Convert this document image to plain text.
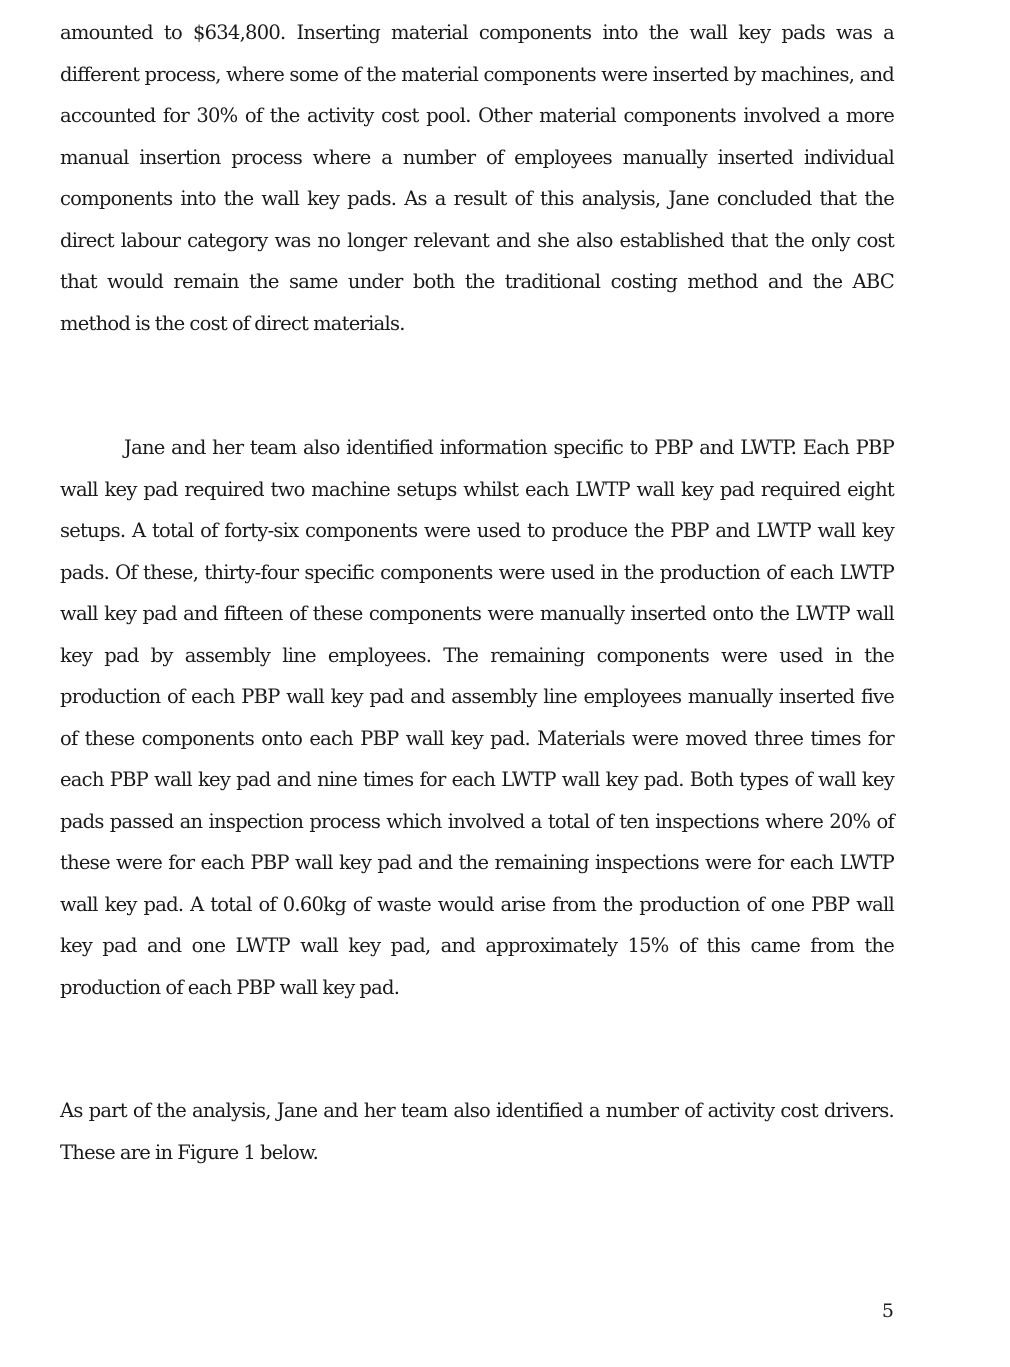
amounted to $634,800. Inserting material components into the wall key pads was a different process, where some of the material components were inserted by machines, and accounted for 30% of the activity cost pool. Other material components involved a more manual insertion process where a number of employees manually inserted individual components into the wall key pads. As a result of this analysis, Jane concluded that the direct labour category was no longer relevant and she also established that the only cost that would remain the same under both the traditional costing method and the ABC method is the cost of direct materials.

Jane and her team also identified information specific to PBP and LWTP. Each PBP wall key pad required two machine setups whilst each LWTP wall key pad required eight setups. A total of forty-six components were used to produce the PBP and LWTP wall key pads. Of these, thirty-four specific components were used in the production of each LWTP wall key pad and fifteen of these components were manually inserted onto the LWTP wall key pad by assembly line employees. The remaining components were used in the production of each PBP wall key pad and assembly line employees manually inserted five of these components onto each PBP wall key pad. Materials were moved three times for each PBP wall key pad and nine times for each LWTP wall key pad. Both types of wall key pads passed an inspection process which involved a total of ten inspections where 20% of these were for each PBP wall key pad and the remaining inspections were for each LWTP wall key pad. A total of 0.60kg of waste would arise from the production of one PBP wall key pad and one LWTP wall key pad, and approximately 15% of this came from the production of each PBP wall key pad.

As part of the analysis, Jane and her team also identified a number of activity cost drivers. These are in Figure 1 below.

5
